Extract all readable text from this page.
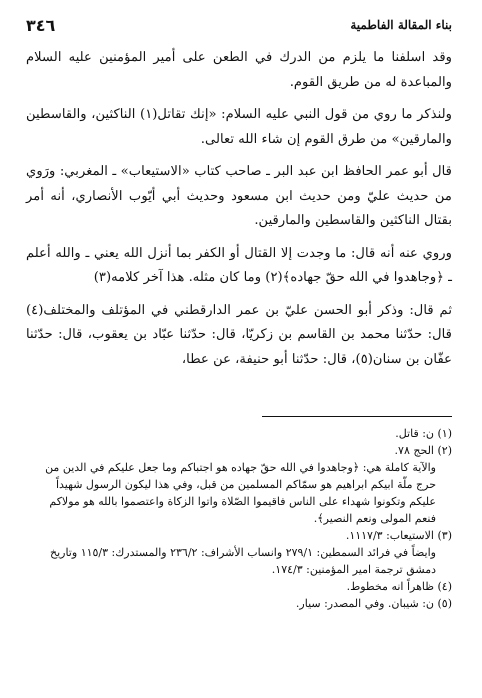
بناء المقالة الفاطمية
٣٤٦

وقد اسلفنا ما يلزم من الدرك في الطعن على أمير المؤمنين عليه السلام والمباعدة له من طريق القوم.

ولنذكر ما روي من قول النبي عليه السلام: «إنك تقاتل(١) الناكثين، والقاسطين والمارقين» من طرق القوم إن شاء الله تعالى.

قال أبو عمر الحافظ ابن عبد البر ـ صاحب كتاب «الاستيعاب» ـ المغربي: ورَوي من حديث عليّ ومن حديث ابن مسعود وحديث أبي أيّوب الأنصاري، أنه أمر بقتال الناكثين والقاسطين والمارقين.

وروي عنه أنه قال: ما وجدت إلا القتال أو الكفر بما أنزل الله يعني ـ والله أعلم ـ ﴿وجاهدوا في الله حقّ جهاده﴾(٢) وما كان مثله. هذا آخر كلامه(٣)

ثم قال: وذكر أبو الحسن عليّ بن عمر الدارقطني في المؤتلف والمختلف(٤) قال: حدّثنا محمد بن القاسم بن زكريّا، قال: حدّثنا عبّاد بن يعقوب، قال: حدّثنا عفّان بن سنان(٥)، قال: حدّثنا أبو حنيفة، عن عطا،

(١) ن: قاتل.

(٢) الحج ٧٨.

والآية كاملة هي: ﴿وجاهدوا في الله حقّ جهاده هو اجتباكم وما جعل عليكم في الدين من حرج ملّة ابيكم ابراهيم هو سمّاكم المسلمين من قبل، وفي هذا ليكون الرسول شهيداً عليكم وتكونوا شهداء على الناس فاقيموا الصّلاة واتوا الزكاة واعتصموا بالله هو مولاكم فنعم المولى ونعم النصير﴾.

(٣) الاستيعاب: ١١١٧/٣.

وايضاً في فرائد السمطين: ٢٧٩/١ وانساب الأشراف: ٢٣٦/٢ والمستدرك: ١١٥/٣ وتاريخ دمشق ترجمة امير المؤمنين: ١٧٤/٣.

(٤) ظاهراً انه مخطوط.

(٥) ن: شيبان. وفي المصدر: سيار.
